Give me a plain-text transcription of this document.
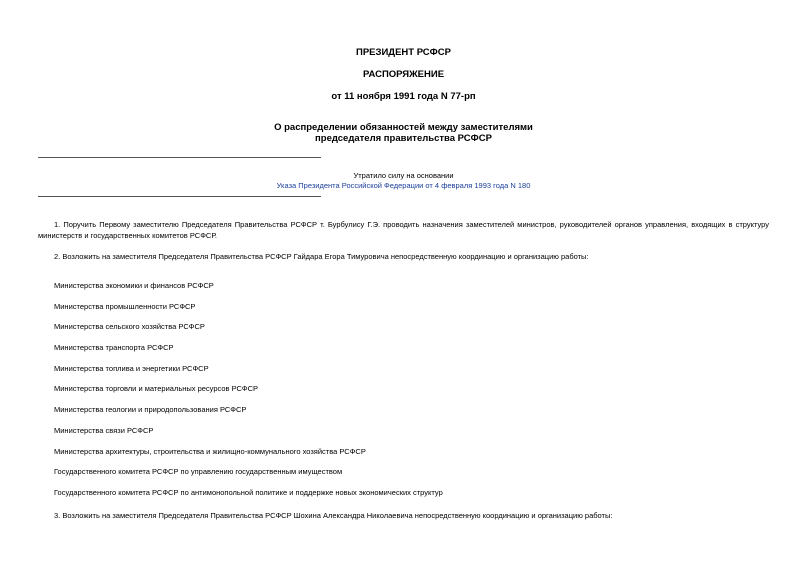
ПРЕЗИДЕНТ РСФСР
РАСПОРЯЖЕНИЕ
от 11 ноября 1991 года N 77-рп
О распределении обязанностей между заместителями
председателя правительства РСФСР
Утратило силу на основании
Указа Президента Российской Федерации от 4 февраля 1993 года N 180
1. Поручить Первому заместителю Председателя Правительства РСФСР т. Бурбулису Г.Э. проводить назначения заместителей министров, руководителей органов управления, входящих в структуру министерств и государственных комитетов РСФСР.
2. Возложить на заместителя Председателя Правительства РСФСР Гайдара Егора Тимуровича непосредственную координацию и организацию работы:
Министерства экономики и финансов РСФСР
Министерства промышленности РСФСР
Министерства сельского хозяйства РСФСР
Министерства транспорта РСФСР
Министерства топлива и энергетики РСФСР
Министерства торговли и материальных ресурсов РСФСР
Министерства геологии и природопользования РСФСР
Министерства связи РСФСР
Министерства архитектуры, строительства и жилищно-коммунального хозяйства РСФСР
Государственного комитета РСФСР по управлению государственным имуществом
Государственного комитета РСФСР по антимонопольной политике и поддержке новых экономических структур
3. Возложить на заместителя Председателя Правительства РСФСР Шохина Александра Николаевича непосредственную координацию и организацию работы:
